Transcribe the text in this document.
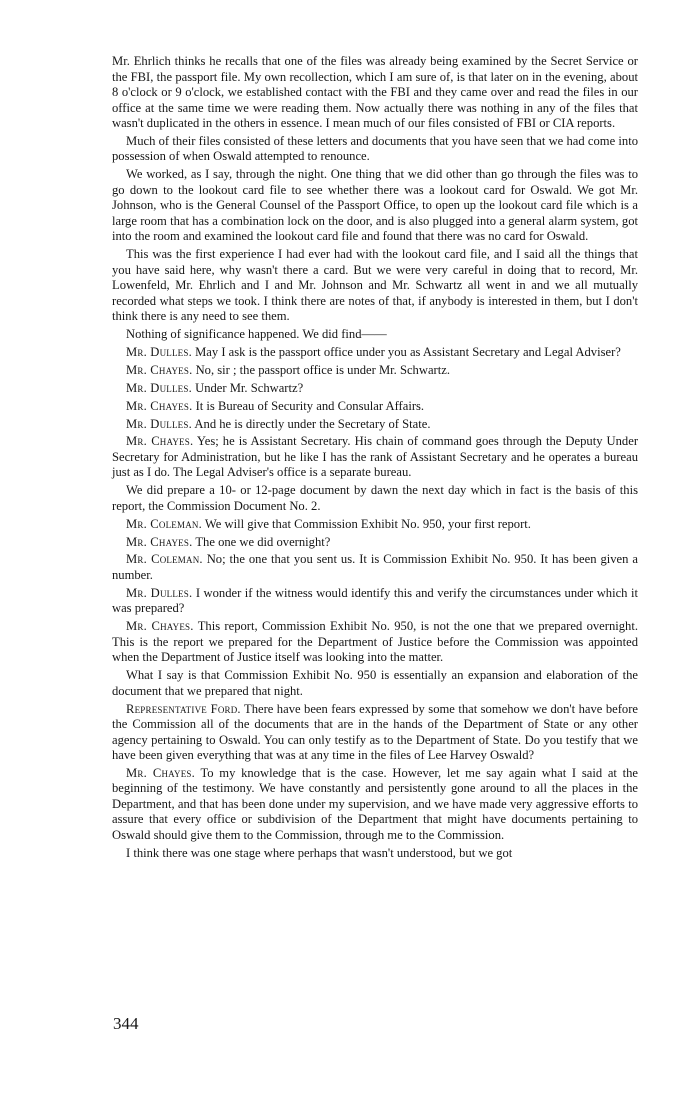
Mr. Ehrlich thinks he recalls that one of the files was already being examined by the Secret Service or the FBI, the passport file. My own recollection, which I am sure of, is that later on in the evening, about 8 o'clock or 9 o'clock, we established contact with the FBI and they came over and read the files in our office at the same time we were reading them. Now actually there was nothing in any of the files that wasn't duplicated in the others in essence. I mean much of our files consisted of FBI or CIA reports.

Much of their files consisted of these letters and documents that you have seen that we had come into possession of when Oswald attempted to renounce.

We worked, as I say, through the night. One thing that we did other than go through the files was to go down to the lookout card file to see whether there was a lookout card for Oswald. We got Mr. Johnson, who is the General Counsel of the Passport Office, to open up the lookout card file which is a large room that has a combination lock on the door, and is also plugged into a general alarm system, got into the room and examined the lookout card file and found that there was no card for Oswald.

This was the first experience I had ever had with the lookout card file, and I said all the things that you have said here, why wasn't there a card. But we were very careful in doing that to record, Mr. Lowenfeld, Mr. Ehrlich and I and Mr. Johnson and Mr. Schwartz all went in and we all mutually recorded what steps we took. I think there are notes of that, if anybody is interested in them, but I don't think there is any need to see them.

Nothing of significance happened. We did find——

Mr. Dulles. May I ask is the passport office under you as Assistant Secretary and Legal Adviser?

Mr. Chayes. No, sir ; the passport office is under Mr. Schwartz.

Mr. Dulles. Under Mr. Schwartz?

Mr. Chayes. It is Bureau of Security and Consular Affairs.

Mr. Dulles. And he is directly under the Secretary of State.

Mr. Chayes. Yes; he is Assistant Secretary. His chain of command goes through the Deputy Under Secretary for Administration, but he like I has the rank of Assistant Secretary and he operates a bureau just as I do. The Legal Adviser's office is a separate bureau.

We did prepare a 10- or 12-page document by dawn the next day which in fact is the basis of this report, the Commission Document No. 2.

Mr. Coleman. We will give that Commission Exhibit No. 950, your first report.

Mr. Chayes. The one we did overnight?

Mr. Coleman. No; the one that you sent us. It is Commission Exhibit No. 950. It has been given a number.

Mr. Dulles. I wonder if the witness would identify this and verify the circumstances under which it was prepared?

Mr. Chayes. This report, Commission Exhibit No. 950, is not the one that we prepared overnight. This is the report we prepared for the Department of Justice before the Commission was appointed when the Department of Justice itself was looking into the matter.

What I say is that Commission Exhibit No. 950 is essentially an expansion and elaboration of the document that we prepared that night.

Representative Ford. There have been fears expressed by some that somehow we don't have before the Commission all of the documents that are in the hands of the Department of State or any other agency pertaining to Oswald. You can only testify as to the Department of State. Do you testify that we have been given everything that was at any time in the files of Lee Harvey Oswald?

Mr. Chayes. To my knowledge that is the case. However, let me say again what I said at the beginning of the testimony. We have constantly and persistently gone around to all the places in the Department, and that has been done under my supervision, and we have made very aggressive efforts to assure that every office or subdivision of the Department that might have documents pertaining to Oswald should give them to the Commission, through me to the Commission.

I think there was one stage where perhaps that wasn't understood, but we got

344
